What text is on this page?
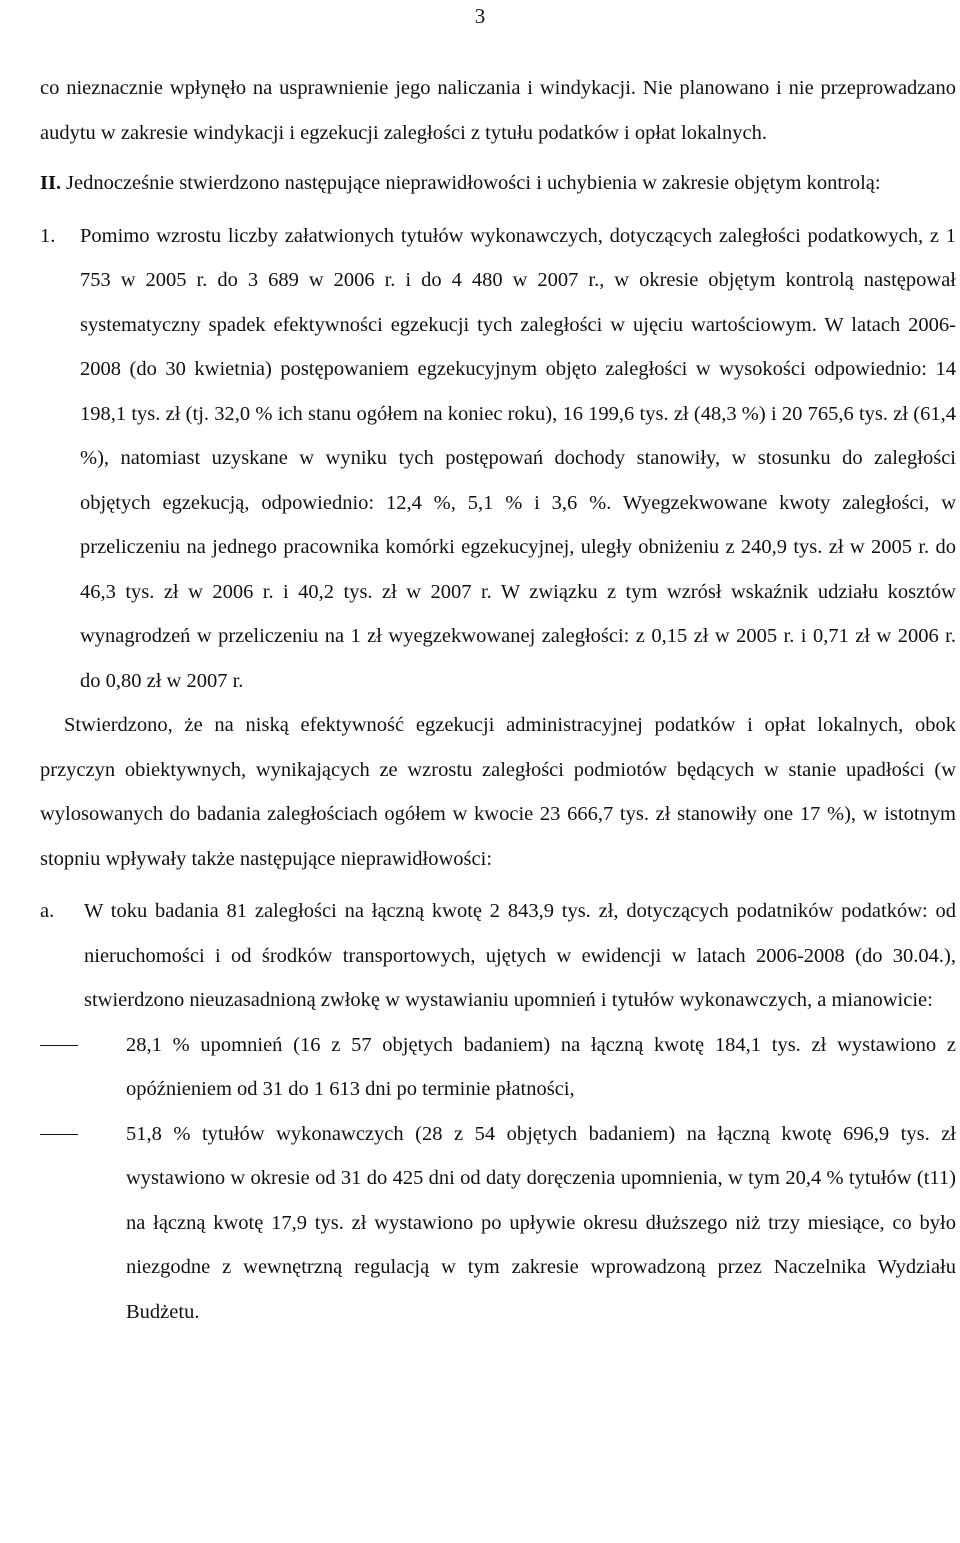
3

co nieznacznie wpłynęło na usprawnienie jego naliczania i windykacji. Nie planowano i nie przeprowadzano audytu w zakresie windykacji i egzekucji zaległości z tytułu podatków i opłat lokalnych.

II. Jednocześnie stwierdzono następujące nieprawidłowości i uchybienia w zakresie objętym kontrolą:
1.	Pomimo wzrostu liczby załatwionych tytułów wykonawczych, dotyczących zaległości podatkowych, z 1 753 w 2005 r. do 3 689 w 2006 r. i do 4 480 w 2007 r., w okresie objętym kontrolą następował systematyczny spadek efektywności egzekucji tych zaległości w ujęciu wartościowym. W latach 2006-2008 (do 30 kwietnia) postępowaniem egzekucyjnym objęto zaległości w wysokości odpowiednio: 14 198,1 tys. zł (tj. 32,0 % ich stanu ogółem na koniec roku), 16 199,6 tys. zł (48,3 %) i 20 765,6 tys. zł (61,4 %), natomiast uzyskane w wyniku tych postępowań dochody stanowiły, w stosunku do zaległości objętych egzekucją, odpowiednio: 12,4 %, 5,1 % i 3,6 %. Wyegzekwowane kwoty zaległości, w przeliczeniu na jednego pracownika komórki egzekucyjnej, uległy obniżeniu z 240,9 tys. zł w 2005 r. do 46,3 tys. zł w 2006 r. i 40,2 tys. zł w 2007 r. W związku z tym wzrósł wskaźnik udziału kosztów wynagrodzeń w przeliczeniu na 1 zł wyegzekwowanej zaległości: z 0,15 zł w 2005 r. i 0,71 zł w 2006 r. do 0,80 zł w 2007 r.

Stwierdzono, że na niską efektywność egzekucji administracyjnej podatków i opłat lokalnych, obok przyczyn obiektywnych, wynikających ze wzrostu zaległości podmiotów będących w stanie upadłości (w wylosowanych do badania zaległościach ogółem w kwocie 23 666,7 tys. zł stanowiły one 17 %), w istotnym stopniu wpływały także następujące nieprawidłowości:

a.	W toku badania 81 zaległości na łączną kwotę 2 843,9 tys. zł, dotyczących podatników podatków: od nieruchomości i od środków transportowych, ujętych w ewidencji w latach 2006-2008 (do 30.04.), stwierdzono nieuzasadnioną zwłokę w wystawianiu upomnień i tytułów wykonawczych, a mianowicie:

28,1 % upomnień (16 z 57 objętych badaniem) na łączną kwotę 184,1 tys. zł wystawiono z opóźnieniem od 31 do 1 613 dni po terminie płatności,
51,8 % tytułów wykonawczych (28 z 54 objętych badaniem) na łączną kwotę 696,9 tys. zł wystawiono w okresie od 31 do 425 dni od daty doręczenia upomnienia, w tym 20,4 % tytułów (t11) na łączną kwotę 17,9 tys. zł wystawiono po upływie okresu dłuższego niż trzy miesiące, co było niezgodne z wewnętrzną regulacją w tym zakresie wprowadzoną przez Naczelnika Wydziału Budżetu.
